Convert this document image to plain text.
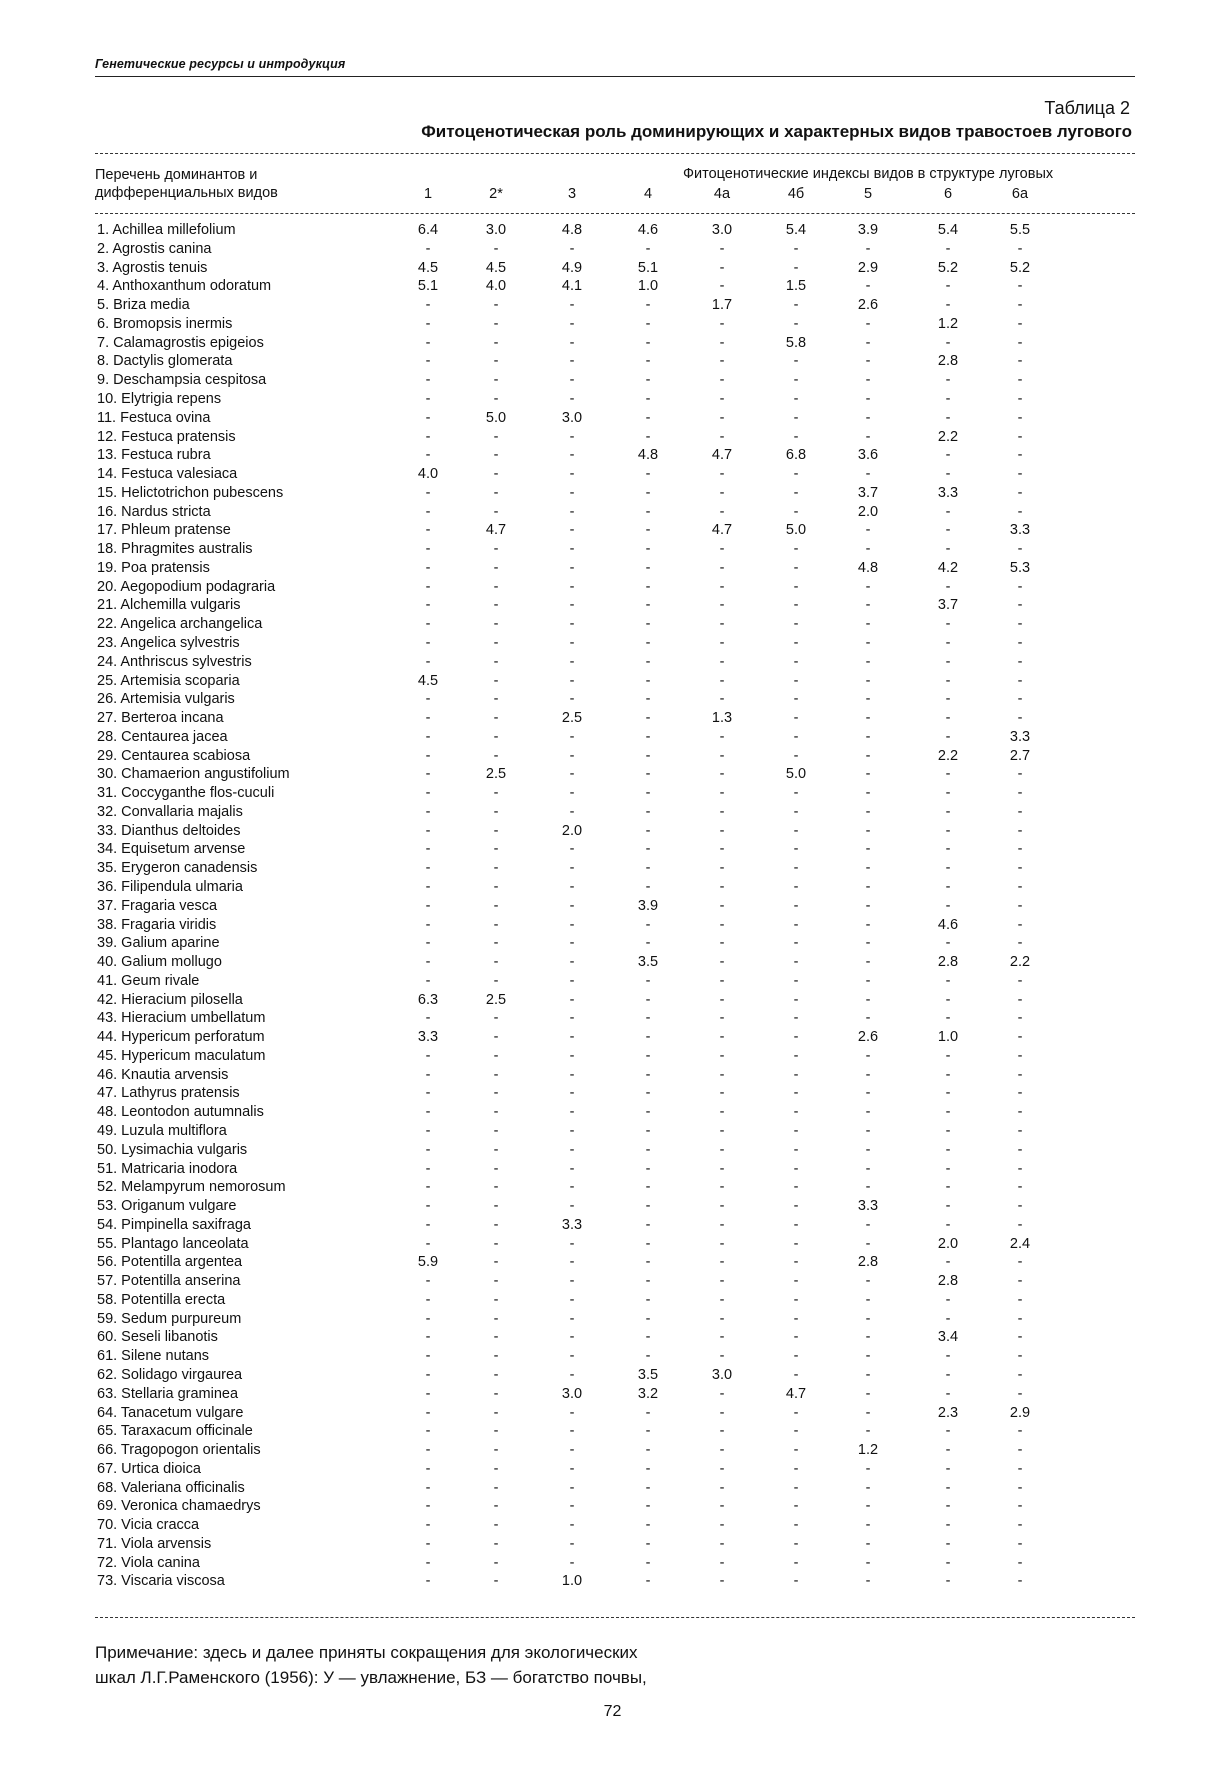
Генетические ресурсы и интродукция
Таблица 2
Фитоценотическая роль доминирующих и характерных видов травостоев лугового
Перечень доминантов и
дифференциальных видов
Фитоценотические индексы видов в структуре луговых
1	2*	3	4	4а	4б	5	6	6а
1. Achillea millefolium	6.4	3.0	4.8	4.6	3.0	5.4	3.9	5.4	5.5
2. Agrostis canina	-	-	-	-	-	-	-	-	-
3. Agrostis tenuis	4.5	4.5	4.9	5.1	-	-	2.9	5.2	5.2
4. Anthoxanthum odoratum	5.1	4.0	4.1	1.0	-	1.5	-	-	-
5. Briza media	-	-	-	-	1.7	-	2.6	-	-
6. Bromopsis inermis	-	-	-	-	-	-	-	1.2	-
7. Calamagrostis epigeios	-	-	-	-	-	5.8	-	-	-
8. Dactylis glomerata	-	-	-	-	-	-	-	2.8	-
9. Deschampsia cespitosa	-	-	-	-	-	-	-	-	-
10. Elytrigia repens	-	-	-	-	-	-	-	-	-
11. Festuca ovina	-	5.0	3.0	-	-	-	-	-	-
12. Festuca pratensis	-	-	-	-	-	-	-	2.2	-
13. Festuca rubra	-	-	-	4.8	4.7	6.8	3.6	-	-
14. Festuca valesiaca	4.0	-	-	-	-	-	-	-	-
15. Helictotrichon pubescens	-	-	-	-	-	-	3.7	3.3	-
16. Nardus stricta	-	-	-	-	-	-	2.0	-	-
17. Phleum pratense	-	4.7	-	-	4.7	5.0	-	-	3.3
18. Phragmites australis	-	-	-	-	-	-	-	-	-
19. Poa pratensis	-	-	-	-	-	-	4.8	4.2	5.3
20. Aegopodium podagraria	-	-	-	-	-	-	-	-	-
21. Alchemilla vulgaris	-	-	-	-	-	-	-	3.7	-
22. Angelica archangelica	-	-	-	-	-	-	-	-	-
23. Angelica sylvestris	-	-	-	-	-	-	-	-	-
24. Anthriscus sylvestris	-	-	-	-	-	-	-	-	-
25. Artemisia scoparia	4.5	-	-	-	-	-	-	-	-
26. Artemisia vulgaris	-	-	-	-	-	-	-	-	-
27. Berteroa incana	-	-	2.5	-	1.3	-	-	-	-
28. Centaurea jacea	-	-	-	-	-	-	-	-	3.3
29. Centaurea scabiosa	-	-	-	-	-	-	-	2.2	2.7
30. Chamaerion angustifolium	-	2.5	-	-	-	5.0	-	-	-
31. Coccyganthe flos-cuculi	-	-	-	-	-	-	-	-	-
32. Convallaria majalis	-	-	-	-	-	-	-	-	-
33. Dianthus deltoides	-	-	2.0	-	-	-	-	-	-
34. Equisetum arvense	-	-	-	-	-	-	-	-	-
35. Erygeron canadensis	-	-	-	-	-	-	-	-	-
36. Filipendula ulmaria	-	-	-	-	-	-	-	-	-
37. Fragaria vesca	-	-	-	3.9	-	-	-	-	-
38. Fragaria viridis	-	-	-	-	-	-	-	4.6	-
39. Galium aparine	-	-	-	-	-	-	-	-	-
40. Galium mollugo	-	-	-	3.5	-	-	-	2.8	2.2
41. Geum rivale	-	-	-	-	-	-	-	-	-
42. Hieracium pilosella	6.3	2.5	-	-	-	-	-	-	-
43. Hieracium umbellatum	-	-	-	-	-	-	-	-	-
44. Hypericum perforatum	3.3	-	-	-	-	-	2.6	1.0	-
45. Hypericum maculatum	-	-	-	-	-	-	-	-	-
46. Knautia arvensis	-	-	-	-	-	-	-	-	-
47. Lathyrus pratensis	-	-	-	-	-	-	-	-	-
48. Leontodon autumnalis	-	-	-	-	-	-	-	-	-
49. Luzula multiflora	-	-	-	-	-	-	-	-	-
50. Lysimachia vulgaris	-	-	-	-	-	-	-	-	-
51. Matricaria inodora	-	-	-	-	-	-	-	-	-
52. Melampyrum nemorosum	-	-	-	-	-	-	-	-	-
53. Origanum vulgare	-	-	-	-	-	-	3.3	-	-
54. Pimpinella saxifraga	-	-	3.3	-	-	-	-	-	-
55. Plantago lanceolata	-	-	-	-	-	-	-	2.0	2.4
56. Potentilla argentea	5.9	-	-	-	-	-	2.8	-	-
57. Potentilla anserina	-	-	-	-	-	-	-	2.8	-
58. Potentilla erecta	-	-	-	-	-	-	-	-	-
59. Sedum purpureum	-	-	-	-	-	-	-	-	-
60. Seseli libanotis	-	-	-	-	-	-	-	3.4	-
61. Silene nutans	-	-	-	-	-	-	-	-	-
62. Solidago virgaurea	-	-	-	3.5	3.0	-	-	-	-
63. Stellaria graminea	-	-	3.0	3.2	-	4.7	-	-	-
64. Tanacetum vulgare	-	-	-	-	-	-	-	2.3	2.9
65. Taraxacum officinale	-	-	-	-	-	-	-	-	-
66. Tragopogon orientalis	-	-	-	-	-	-	1.2	-	-
67. Urtica dioica	-	-	-	-	-	-	-	-	-
68. Valeriana officinalis	-	-	-	-	-	-	-	-	-
69. Veronica chamaedrys	-	-	-	-	-	-	-	-	-
70. Vicia cracca	-	-	-	-	-	-	-	-	-
71. Viola arvensis	-	-	-	-	-	-	-	-	-
72. Viola canina	-	-	-	-	-	-	-	-	-
73. Viscaria viscosa	-	-	1.0	-	-	-	-	-	-
Примечание: здесь и далее приняты сокращения для экологических
шкал Л.Г.Раменского (1956): У — увлажнение, БЗ — богатство почвы,
72
